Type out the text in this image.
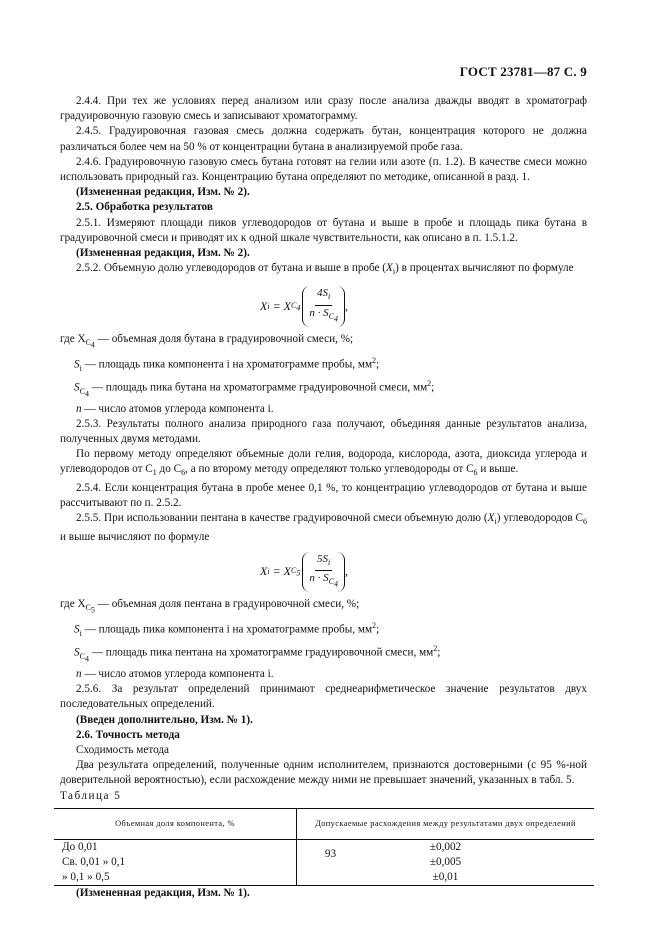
ГОСТ 23781—87 С. 9

2.4.4. При тех же условиях перед анализом или сразу после анализа дважды вводят в хроматограф градуировочную газовую смесь и записывают хроматограмму.

2.4.5. Градуировочная газовая смесь должна содержать бутан, концентрация которого не должна различаться более чем на 50 % от концентрации бутана в анализируемой пробе газа.

2.4.6. Градуировочную газовую смесь бутана готовят на гелии или азоте (п. 1.2). В качестве смеси можно использовать природный газ. Концентрацию бутана определяют по методике, описанной в разд. 1.

(Измененная редакция, Изм. № 2).

2.5. Обработка результатов

2.5.1. Измеряют площади пиков углеводородов от бутана и выше в пробе и площадь пика бутана в градуировочной смеси и приводят их к одной шкале чувствительности, как описано в п. 1.5.1.2.

(Измененная редакция, Изм. № 2).

2.5.2. Объемную долю углеводородов от бутана и выше в пробе $(X_i)$ в процентах вычисляют по формуле

X i = X $C_4 \frac{4S_i}{n \cdot S_{C_4}}$ ,

где $X_{C_4}$ — объемная доля бутана в градуировочной смеси, %;

$S_i$ — площадь пика компонента i на хроматограмме пробы, $мм^2$;

$S_{C_4}$ — площадь пика бутана на хроматограмме градуировочной смеси, $мм^2$;

n — число атомов углерода компонента i.

2.5.3. Результаты полного анализа природного газа получают, объединяя данные результатов анализа, полученных двумя методами.

По первому методу определяют объемные доли гелия, водорода, кислорода, азота, диоксида углерода и углеводородов от $C_1$ до $C_6$, а по второму методу определяют только углеводороды от $C_6$ и выше.

2.5.4. Если концентрация бутана в пробе менее 0,1 %, то концентрацию углеводородов от бутана и выше рассчитывают по п. 2.5.2.

2.5.5. При использовании пентана в качестве градуировочной смеси объемную долю $(X_i)$ углеводородов $C_6$ и выше вычисляют по формуле

X i = X $C_5 \frac{5S_i}{n \cdot S_{C_4}}$ ,

где $X_{C_5}$ — объемная доля пентана в градуировочной смеси, %;

$S_i$ — площадь пика компонента i на хроматограмме пробы, $мм^2$;

$S_{C_4}$ — площадь пика пентана на хроматограмме градуировочной смеси, $мм^2$;

n — число атомов углерода компонента i.

2.5.6. За результат определений принимают среднеарифметическое значение результатов двух последовательных определений.

(Введен дополнительно, Изм. № 1).

2.6. Точность метода

Сходимость метода

Два результата определений, полученные одним исполнителем, признаются достоверными (с 95 %-ной доверительной вероятностью), если расхождение между ними не превышает значений, указанных в табл. 5.

Таблица 5

Объемная доля компонента, %	Допускаемые расхождения между результатами двух определений
До 0,01	±0,002
Св. 0,01 » 0,1	±0,005
» 0,1 » 0,5	±0,01

(Измененная редакция, Изм. № 1).

93
